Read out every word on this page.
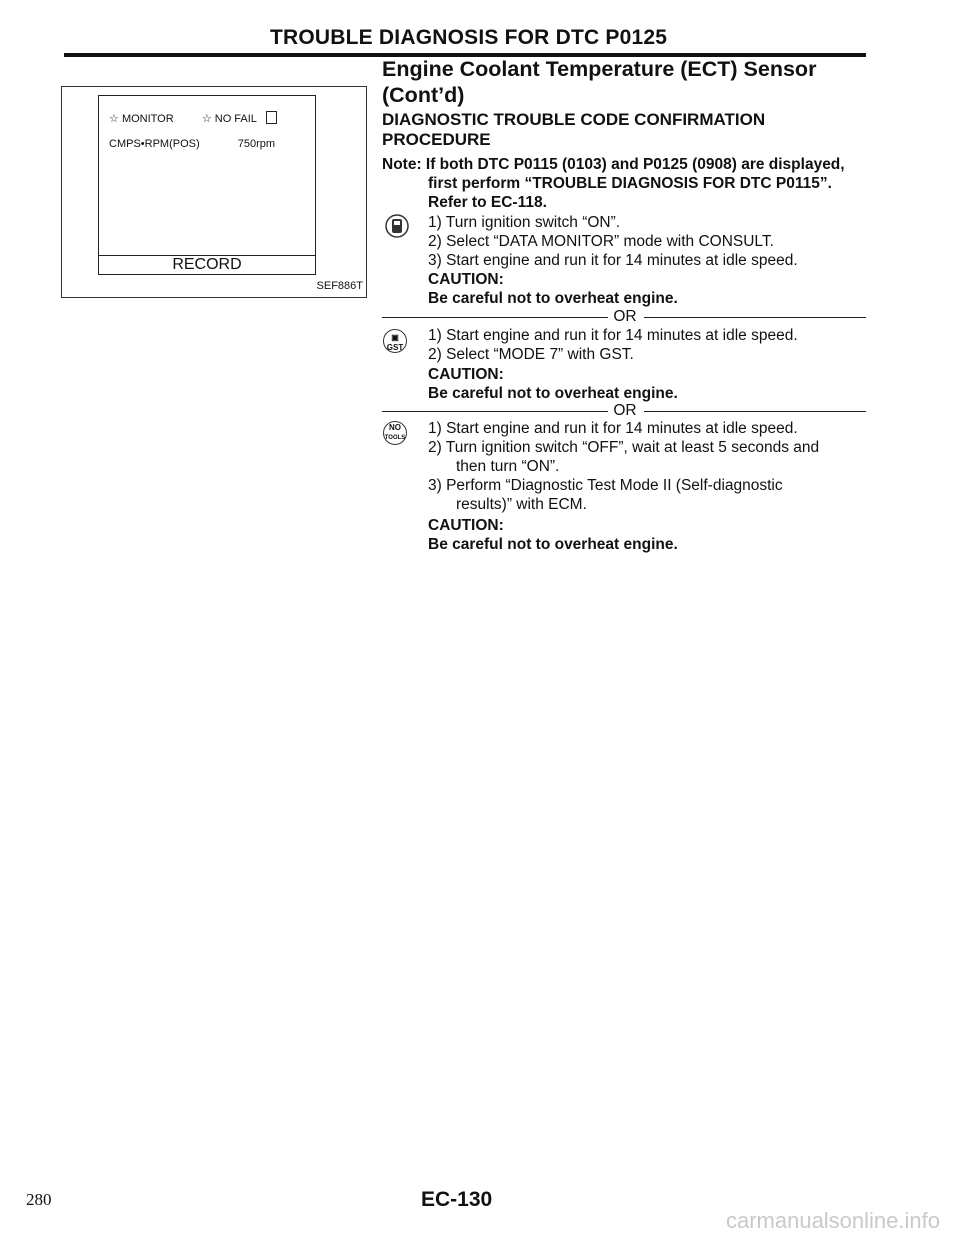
TROUBLE DIAGNOSIS FOR DTC P0125
Engine Coolant Temperature (ECT) Sensor
(Cont’d)
☆ MONITOR	☆ NO FAIL
CMPS•RPM(POS)	750rpm
RECORD
SEF886T
DIAGNOSTIC TROUBLE CODE CONFIRMATION
PROCEDURE
Note: If both DTC P0115 (0103) and P0125 (0908) are displayed,
first perform “TROUBLE DIAGNOSIS FOR DTC P0115”.
Refer to EC-118.
1) Turn ignition switch “ON”.
2) Select “DATA MONITOR” mode with CONSULT.
3) Start engine and run it for 14 minutes at idle speed.
CAUTION:
Be careful not to overheat engine.
OR
▣
GST
1) Start engine and run it for 14 minutes at idle speed.
2) Select “MODE 7” with GST.
CAUTION:
Be careful not to overheat engine.
OR
NO
TOOLS
1) Start engine and run it for 14 minutes at idle speed.
2) Turn ignition switch “OFF”, wait at least 5 seconds and
then turn “ON”.
3) Perform “Diagnostic Test Mode II (Self-diagnostic
results)” with ECM.
CAUTION:
Be careful not to overheat engine.
280	EC-130
carmanualsonline.info
